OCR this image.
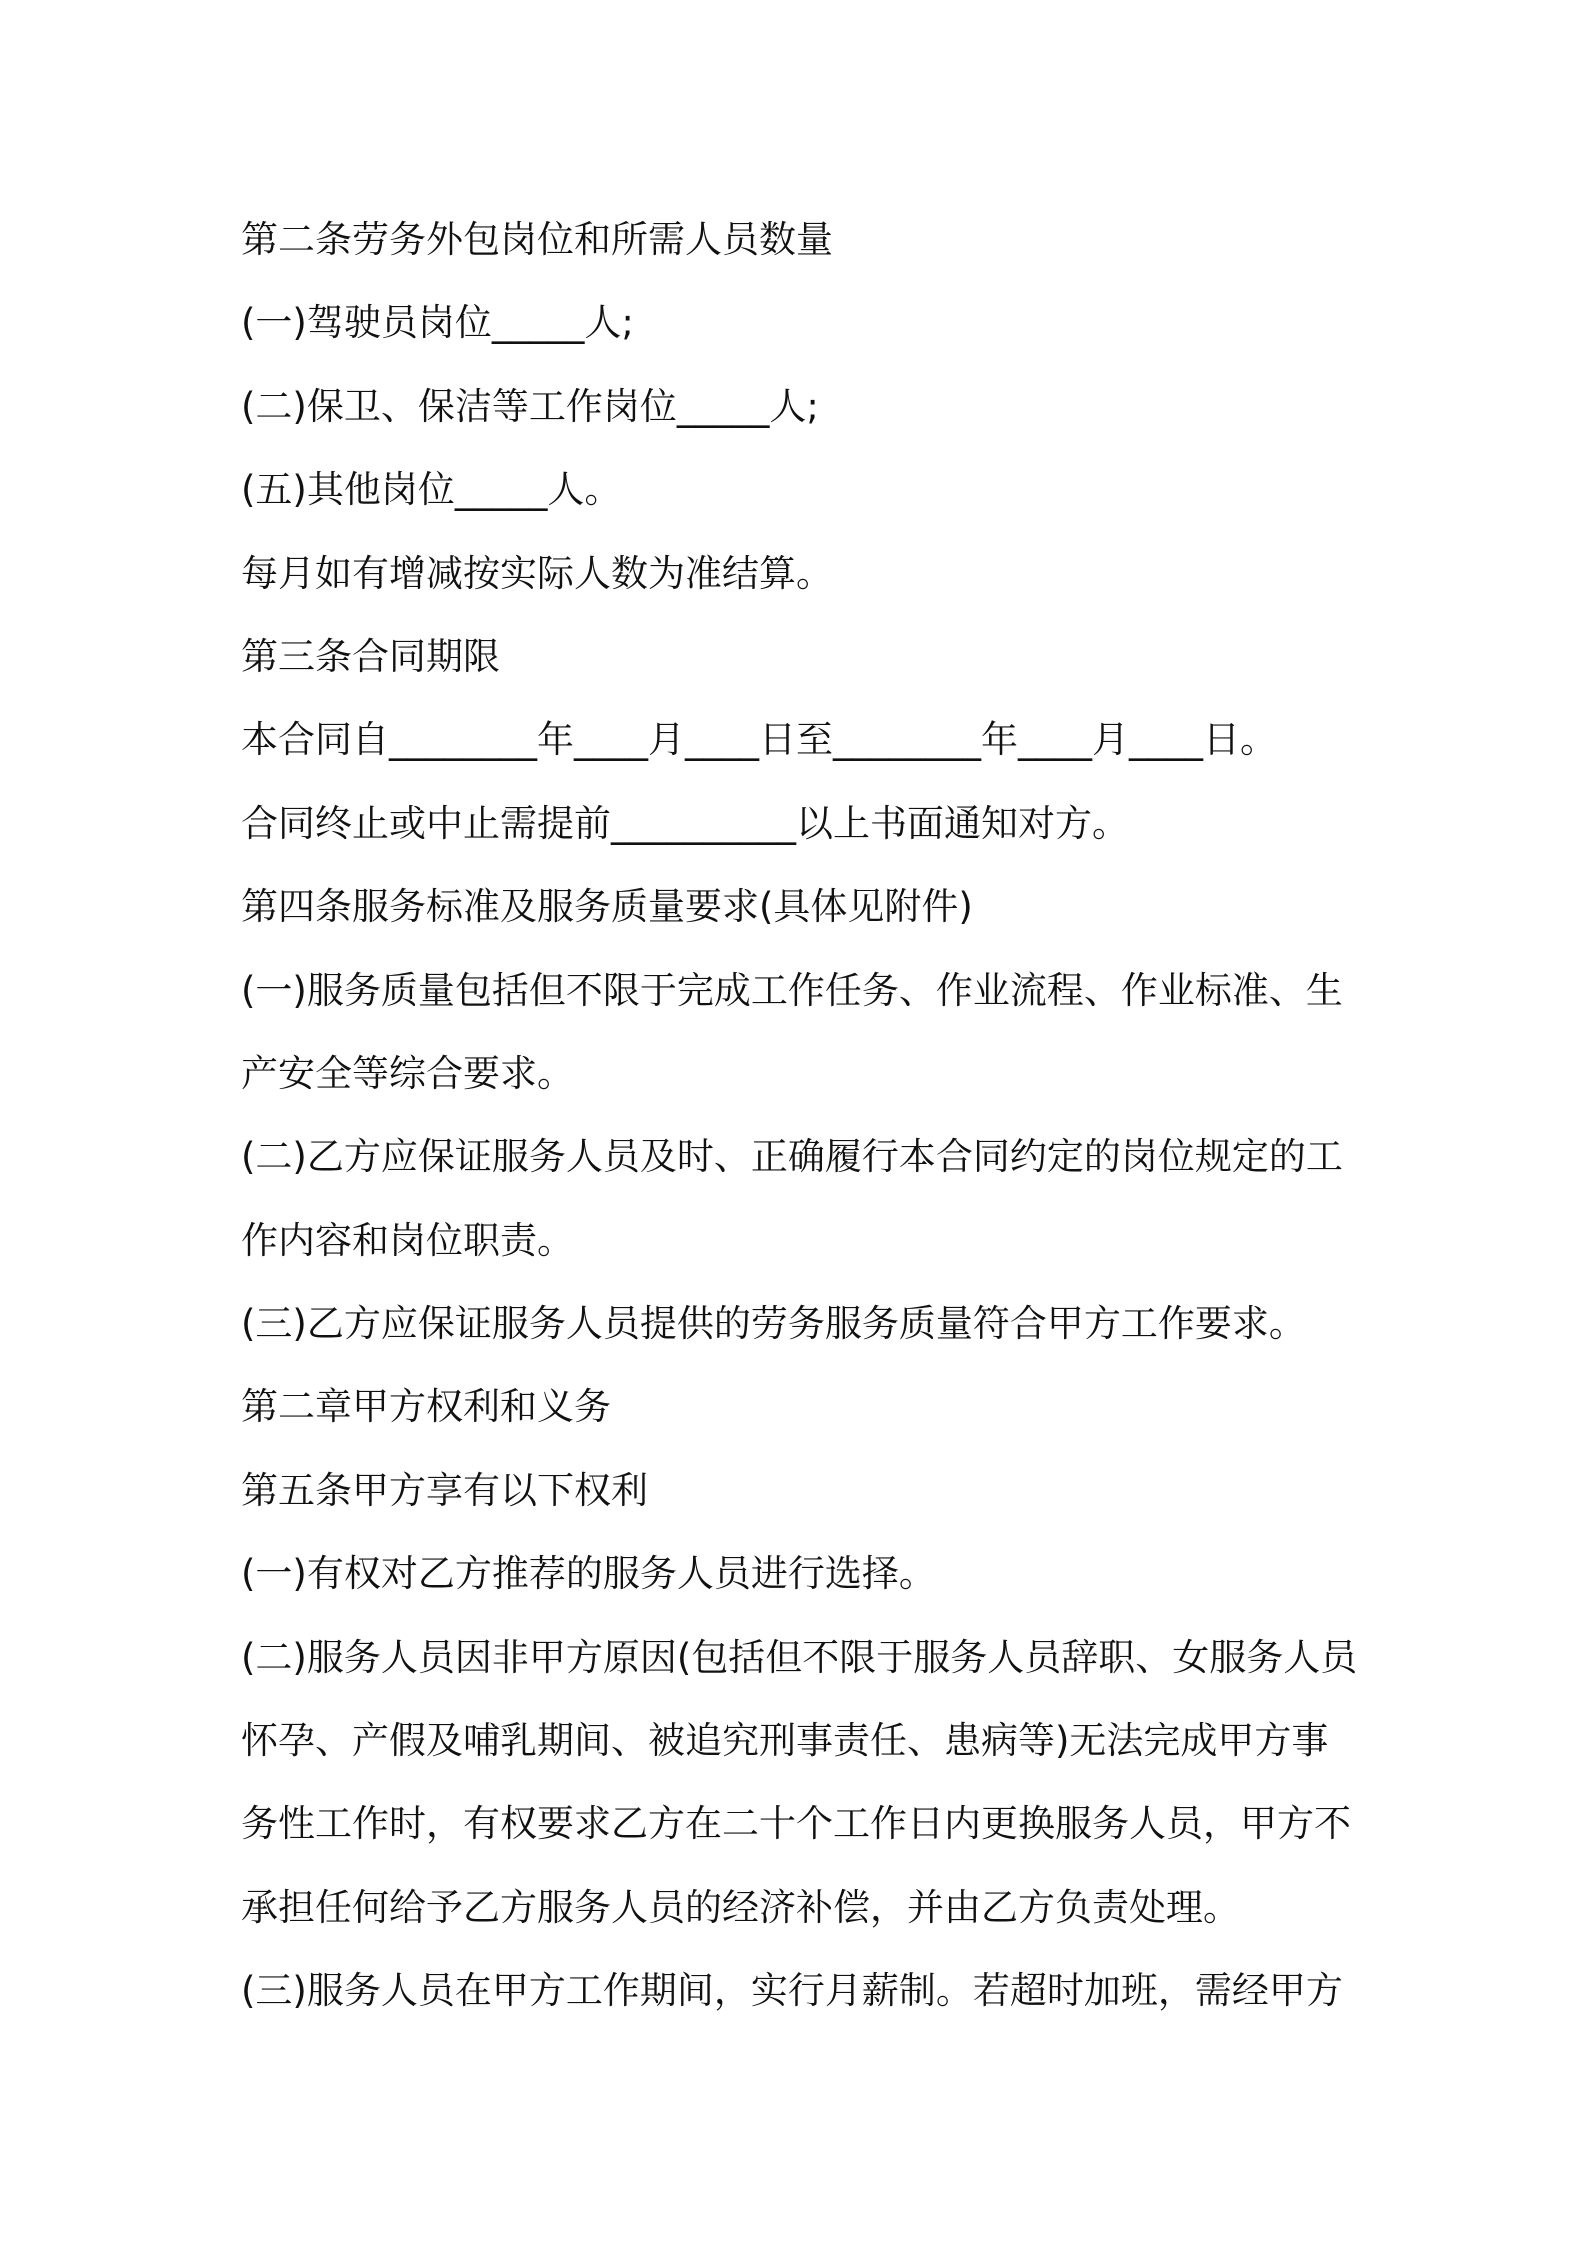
第二条劳务外包岗位和所需人员数量
(一)驾驶员岗位_____人;
(二)保卫、保洁等工作岗位_____人;
(五)其他岗位_____人。
每月如有增减按实际人数为准结算。
第三条合同期限
本合同自________年____月____日至________年____月____日。
合同终止或中止需提前__________以上书面通知对方。
第四条服务标准及服务质量要求(具体见附件)
(一)服务质量包括但不限于完成工作任务、作业流程、作业标准、生
产安全等综合要求。
(二)乙方应保证服务人员及时、正确履行本合同约定的岗位规定的工
作内容和岗位职责。
(三)乙方应保证服务人员提供的劳务服务质量符合甲方工作要求。
第二章甲方权利和义务
第五条甲方享有以下权利
(一)有权对乙方推荐的服务人员进行选择。
(二)服务人员因非甲方原因(包括但不限于服务人员辞职、女服务人员
怀孕、产假及哺乳期间、被追究刑事责任、患病等)无法完成甲方事
务性工作时，有权要求乙方在二十个工作日内更换服务人员，甲方不
承担任何给予乙方服务人员的经济补偿，并由乙方负责处理。
(三)服务人员在甲方工作期间，实行月薪制。若超时加班，需经甲方
